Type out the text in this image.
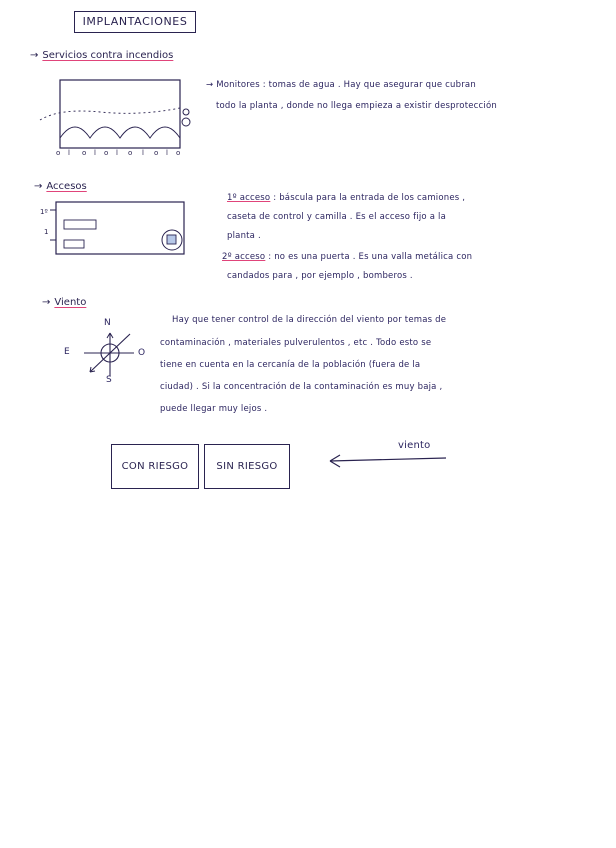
IMPLANTACIONES
→ Servicios contra incendios
o l o l o l o l o l o
1º
1
→ Monitores : tomas de agua . Hay que asegurar que cubran
todo la planta , donde no llega empieza a existir desprotección
→ Accesos
1º acceso : báscula para la entrada de los camiones ,
caseta de control y camilla . Es el acceso fijo a la
planta .
2º acceso : no es una puerta . Es una valla metálica con
candados para , por ejemplo , bomberos .
→ Viento
N
S
E	O
Hay que tener control de la dirección del viento por temas de
contaminación , materiales pulverulentos , etc . Todo esto se
tiene en cuenta en la cercanía de la población (fuera de la
ciudad) . Si la concentración de la contaminación es muy baja ,
puede llegar muy lejos .
CON RIESGO	SIN RIESGO
viento
